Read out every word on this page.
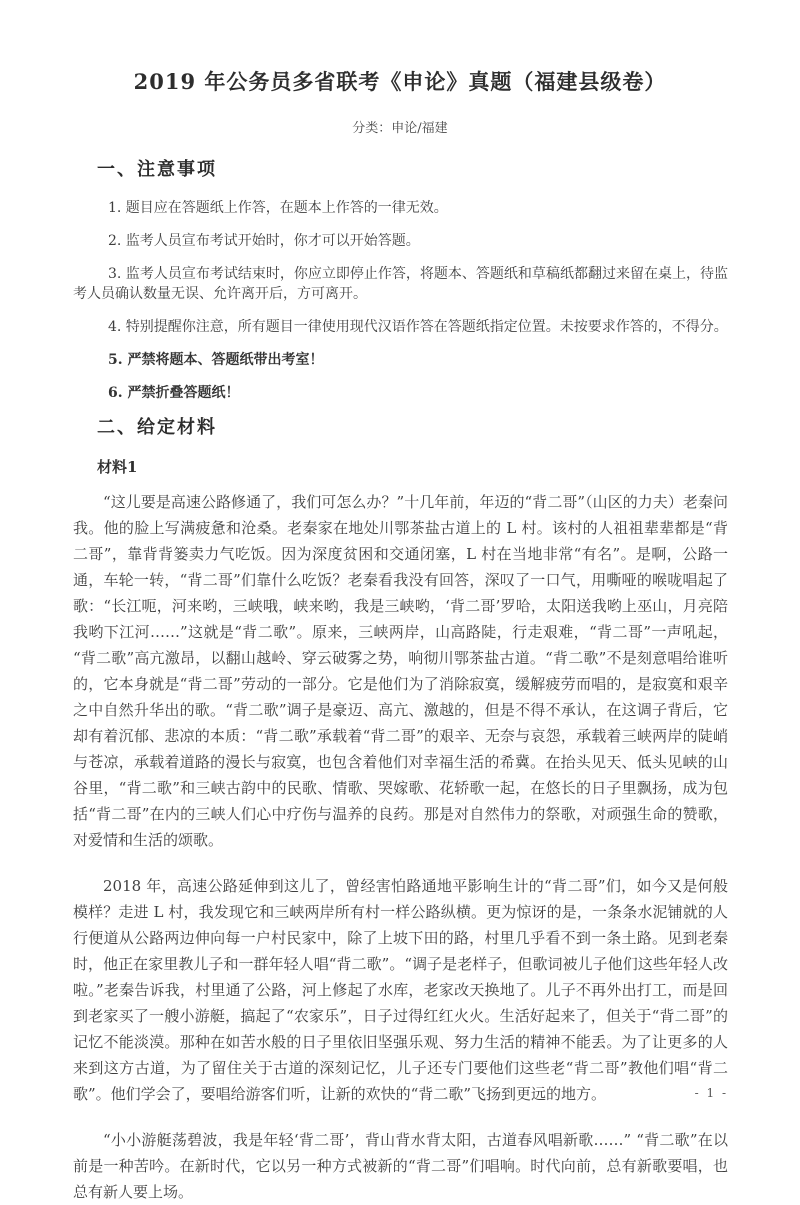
2019 年公务员多省联考《申论》真题（福建县级卷）
分类：申论/福建
一、注意事项

1. 题目应在答题纸上作答，在题本上作答的一律无效。

2. 监考人员宣布考试开始时，你才可以开始答题。

3. 监考人员宣布考试结束时，你应立即停止作答，将题本、答题纸和草稿纸都翻过来留在桌上，待监考人员确认数量无误、允许离开后，方可离开。

4. 特别提醒你注意，所有题目一律使用现代汉语作答在答题纸指定位置。未按要求作答的，不得分。

5. 严禁将题本、答题纸带出考室！

6. 严禁折叠答题纸！

二、给定材料
材料1

“这儿要是高速公路修通了，我们可怎么办？”十几年前，年迈的“背二哥”（山区的力夫）老秦问我。他的脸上写满疲惫和沧桑。老秦家在地处川鄂茶盐古道上的 L 村。该村的人祖祖辈辈都是“背二哥”，靠背背篓卖力气吃饭。因为深度贫困和交通闭塞，L 村在当地非常“有名”。是啊，公路一通，车轮一转，“背二哥”们靠什么吃饭？老秦看我没有回答，深叹了一口气，用嘶哑的喉咙唱起了歌：“长江呃，河来哟，三峡哦，峡来哟，我是三峡哟，‘背二哥’罗哈，太阳送我哟上巫山，月亮陪我哟下江河……”这就是“背二歌”。原来，三峡两岸，山高路陡，行走艰难，“背二哥”一声吼起，“背二歌”高亢激昂，以翻山越岭、穿云破雾之势，响彻川鄂茶盐古道。“背二歌”不是刻意唱给谁听的，它本身就是“背二哥”劳动的一部分。它是他们为了消除寂寞，缓解疲劳而唱的，是寂寞和艰辛之中自然升华出的歌。“背二歌”调子是豪迈、高亢、激越的，但是不得不承认，在这调子背后，它却有着沉郁、悲凉的本质：“背二歌”承载着“背二哥”的艰辛、无奈与哀怨，承载着三峡两岸的陡峭与苍凉，承载着道路的漫长与寂寞，也包含着他们对幸福生活的希冀。在抬头见天、低头见峡的山谷里，“背二歌”和三峡古韵中的民歌、情歌、哭嫁歌、花轿歌一起，在悠长的日子里飘扬，成为包括“背二哥”在内的三峡人们心中疗伤与温养的良药。那是对自然伟力的祭歌，对顽强生命的赞歌，对爱情和生活的颂歌。

2018 年，高速公路延伸到这儿了，曾经害怕路通地平影响生计的“背二哥”们，如今又是何般模样？走进 L 村，我发现它和三峡两岸所有村一样公路纵横。更为惊讶的是，一条条水泥铺就的人行便道从公路两边伸向每一户村民家中，除了上坡下田的路，村里几乎看不到一条土路。见到老秦时，他正在家里教儿子和一群年轻人唱“背二歌”。“调子是老样子，但歌词被儿子他们这些年轻人改啦。”老秦告诉我，村里通了公路，河上修起了水库，老家改天换地了。儿子不再外出打工，而是回到老家买了一艘小游艇，搞起了“农家乐”，日子过得红红火火。生活好起来了，但关于“背二哥”的记忆不能淡漠。那种在如苦水般的日子里依旧坚强乐观、努力生活的精神不能丢。为了让更多的人来到这方古道，为了留住关于古道的深刻记忆，儿子还专门要他们这些老“背二哥”教他们唱“背二歌”。他们学会了，要唱给游客们听，让新的欢快的“背二歌”飞扬到更远的地方。

“小小游艇荡碧波，我是年轻‘背二哥’，背山背水背太阳，古道春风唱新歌……” “背二歌”在以前是一种苦吟。在新时代，它以另一种方式被新的“背二哥”们唱响。时代向前，总有新歌要唱，也总有新人要上场。

- 1 -
